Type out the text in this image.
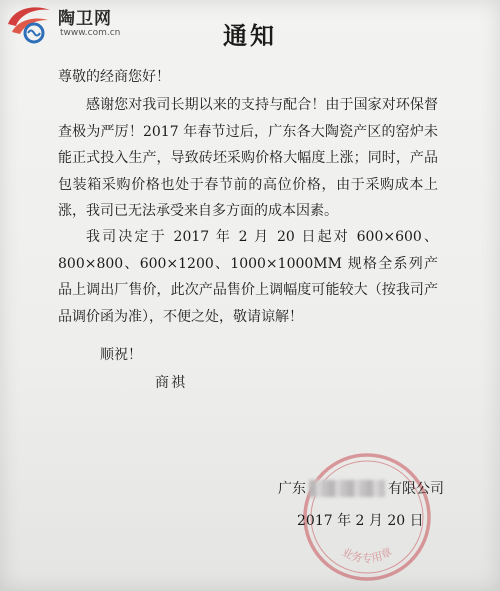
陶卫网
twww.com.cn	通知
尊敬的经商您好！

感谢您对我司长期以来的支持与配合！由于国家对环保督查极为严厉！2017 年春节过后，广东各大陶瓷产区的窑炉未能正式投入生产，导致砖坯采购价格大幅度上涨；同时，产品包装箱采购价格也处于春节前的高位价格，由于采购成本上涨，我司已无法承受来自多方面的成本因素。

我司决定于 2017 年 2 月 20 日起对 600×600、800×800、600×1200、1000×1000MM 规格全系列产品上调出厂售价，此次产品售价上调幅度可能较大（按我司产品调价函为准），不便之处，敬请谅解！

顺祝！
商祺
业务专用章
广东	有限公司
2017 年 2 月 20 日
